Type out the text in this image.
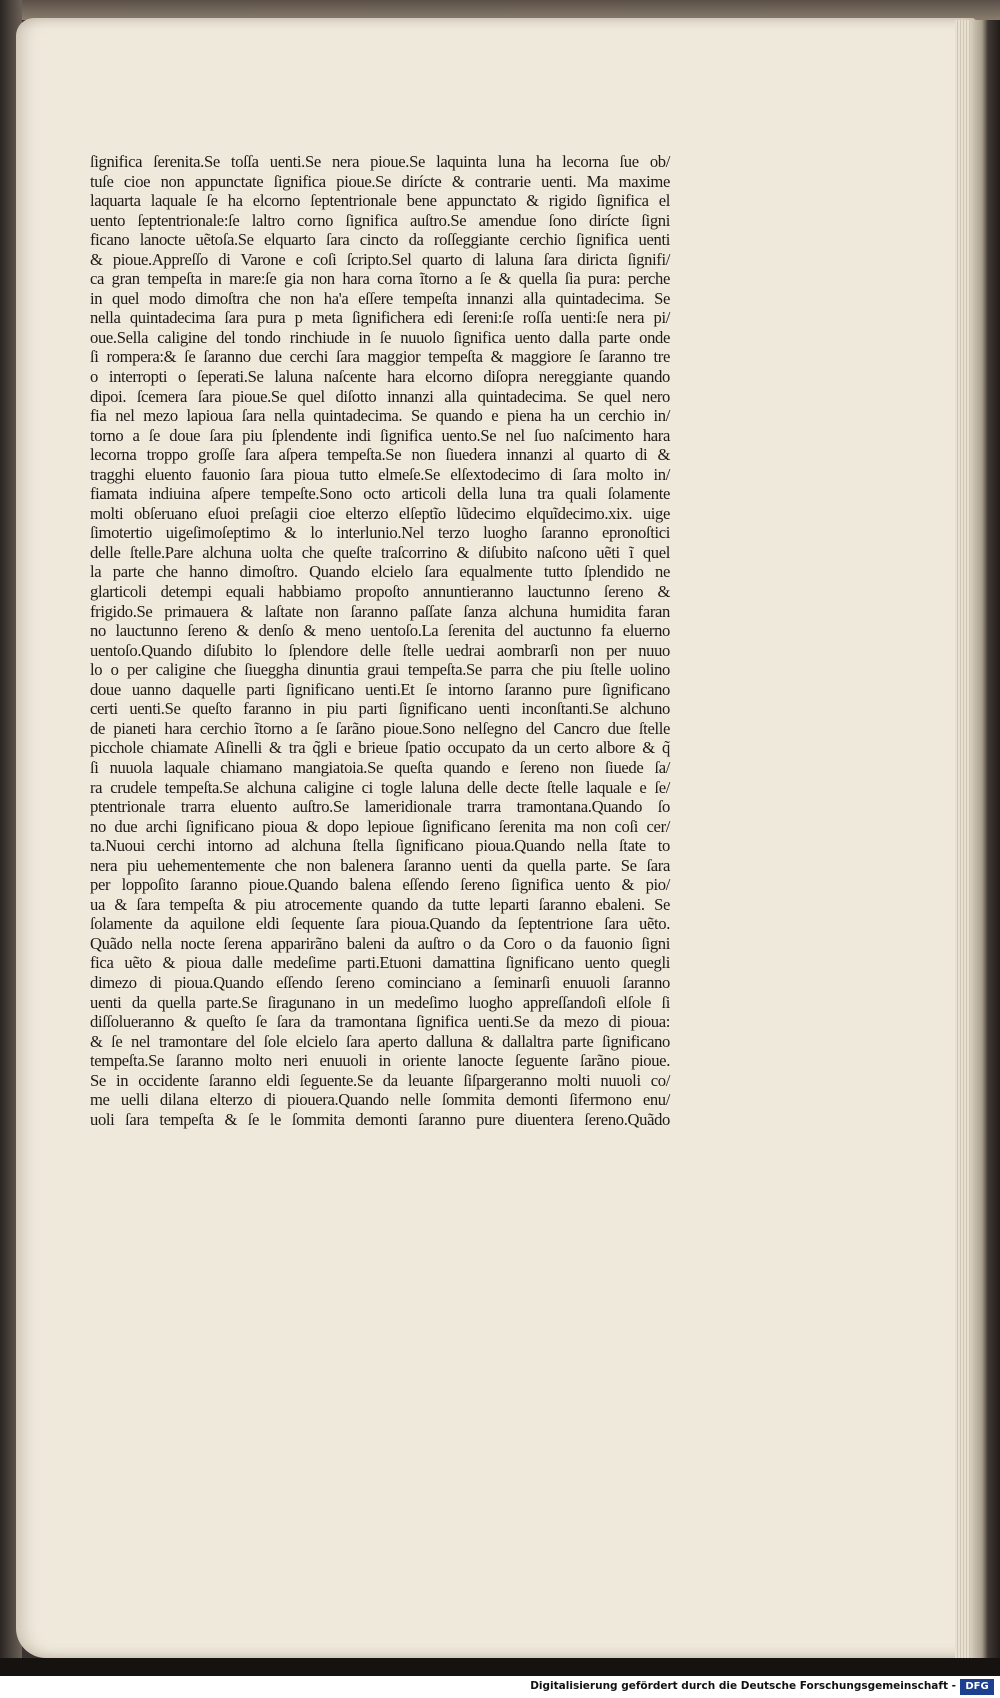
ſignifica ſerenita.Se toſſa uenti.Se nera pioue.Se laquinta luna ha lecorna ſue ob/
tuſe cioe non appunctate ſignifica pioue.Se dirícte & contrarie uenti. Ma maxime
laquarta laquale ſe ha elcorno ſeptentrionale bene appunctato & rigido ſignifica el
uento ſeptentrionale:ſe laltro corno ſignifica auſtro.Se amendue ſono dirícte ſigni
ficano lanocte uẽtoſa.Se elquarto ſara cincto da roſſeggiante cerchio ſignifica uenti
& pioue.Appreſſo di Varone e coſi ſcripto.Sel quarto di laluna ſara diricta ſignifi/
ca gran tempeſta in mare:ſe gia non hara corna ĩtorno a ſe & quella ſia pura: perche
in quel modo dimoſtra che non ha'a eſſere tempeſta innanzi alla quintadecima. Se
nella quintadecima ſara pura p meta ſignifichera edi ſereni:ſe roſſa uenti:ſe nera pi/
oue.Sella caligine del tondo rinchiude in ſe nuuolo ſignifica uento dalla parte onde
ſi rompera:& ſe ſaranno due cerchi ſara maggior tempeſta & maggiore ſe ſaranno tre
o interropti o ſeperati.Se laluna naſcente hara elcorno diſopra nereggiante quando
dipoi. ſcemera ſara pioue.Se quel diſotto innanzi alla quintadecima. Se quel nero
fia nel mezo lapioua ſara nella quintadecima. Se quando e piena ha un cerchio in/
torno a ſe doue ſara piu ſplendente indi ſignifica uento.Se nel ſuo naſcimento hara
lecorna troppo groſſe ſara aſpera tempeſta.Se non ſiuedera innanzi al quarto di &
tragghi eluento fauonio ſara pioua tutto elmeſe.Se elſextodecimo di ſara molto in/
fiamata indiuina aſpere tempeſte.Sono octo articoli della luna tra quali ſolamente
molti obſeruano eſuoi preſagii cioe elterzo elſeptĩo lũdecimo elquĩdecimo.xix. uige
ſimotertio uigeſimoſeptimo & lo interlunio.Nel terzo luogho ſaranno epronoſtici
delle ſtelle.Pare alchuna uolta che queſte traſcorrino & diſubito naſcono uẽti ĩ quel
la parte che hanno dimoſtro. Quando elcielo ſara equalmente tutto ſplendido ne
glarticoli detempi equali habbiamo propoſto annuntieranno lauctunno ſereno &
frigido.Se primauera & laſtate non ſaranno paſſate ſanza alchuna humidita faran
no lauctunno ſereno & denſo & meno uentoſo.La ſerenita del auctunno fa eluerno
uentoſo.Quando diſubito lo ſplendore delle ſtelle uedrai aombrarſi non per nuuo
lo o per caligine che ſiueggha dinuntia graui tempeſta.Se parra che piu ſtelle uolino
doue uanno daquelle parti ſignificano uenti.Et ſe intorno ſaranno pure ſignificano
certi uenti.Se queſto faranno in piu parti ſignificano uenti inconſtanti.Se alchuno
de pianeti hara cerchio ĩtorno a ſe ſarãno pioue.Sono nelſegno del Cancro due ſtelle
picchole chiamate Aſinelli & tra q̃gli e brieue ſpatio occupato da un certo albore & q̃
ſi nuuola laquale chiamano mangiatoia.Se queſta quando e ſereno non ſiuede ſa/
ra crudele tempeſta.Se alchuna caligine ci togle laluna delle decte ſtelle laquale e ſe/
ptentrionale trarra eluento auſtro.Se lameridionale trarra tramontana.Quando ſo
no due archi ſignificano pioua & dopo lepioue ſignificano ſerenita ma non coſi cer/
ta.Nuoui cerchi intorno ad alchuna ſtella ſignificano pioua.Quando nella ſtate to
nera piu uehementemente che non balenera ſaranno uenti da quella parte. Se ſara
per loppoſito ſaranno pioue.Quando balena eſſendo ſereno ſignifica uento & pio/
ua & ſara tempeſta & piu atrocemente quando da tutte leparti ſaranno ebaleni. Se
ſolamente da aquilone eldi ſequente ſara pioua.Quando da ſeptentrione ſara uẽto.
Quãdo nella nocte ſerena apparirãno baleni da auſtro o da Coro o da fauonio ſigni
fica uẽto & pioua dalle medeſime parti.Etuoni damattina ſignificano uento quegli
dimezo di pioua.Quando eſſendo ſereno cominciano a ſeminarſi enuuoli ſaranno
uenti da quella parte.Se ſiragunano in un medeſimo luogho appreſſandoſi elſole ſi
diſſolueranno & queſto ſe ſara da tramontana ſignifica uenti.Se da mezo di pioua:
& ſe nel tramontare del ſole elcielo ſara aperto dalluna & dallaltra parte ſignificano
tempeſta.Se ſaranno molto neri enuuoli in oriente lanocte ſeguente ſarãno pioue.
Se in occidente ſaranno eldi ſeguente.Se da leuante ſiſpargeranno molti nuuoli co/
me uelli dilana elterzo di piouera.Quando nelle ſommita demonti ſifermono enu/
uoli ſara tempeſta & ſe le ſommita demonti ſaranno pure diuentera ſereno.Quãdo
Digitalisierung gefördert durch die Deutsche Forschungsgemeinschaft - DFG
